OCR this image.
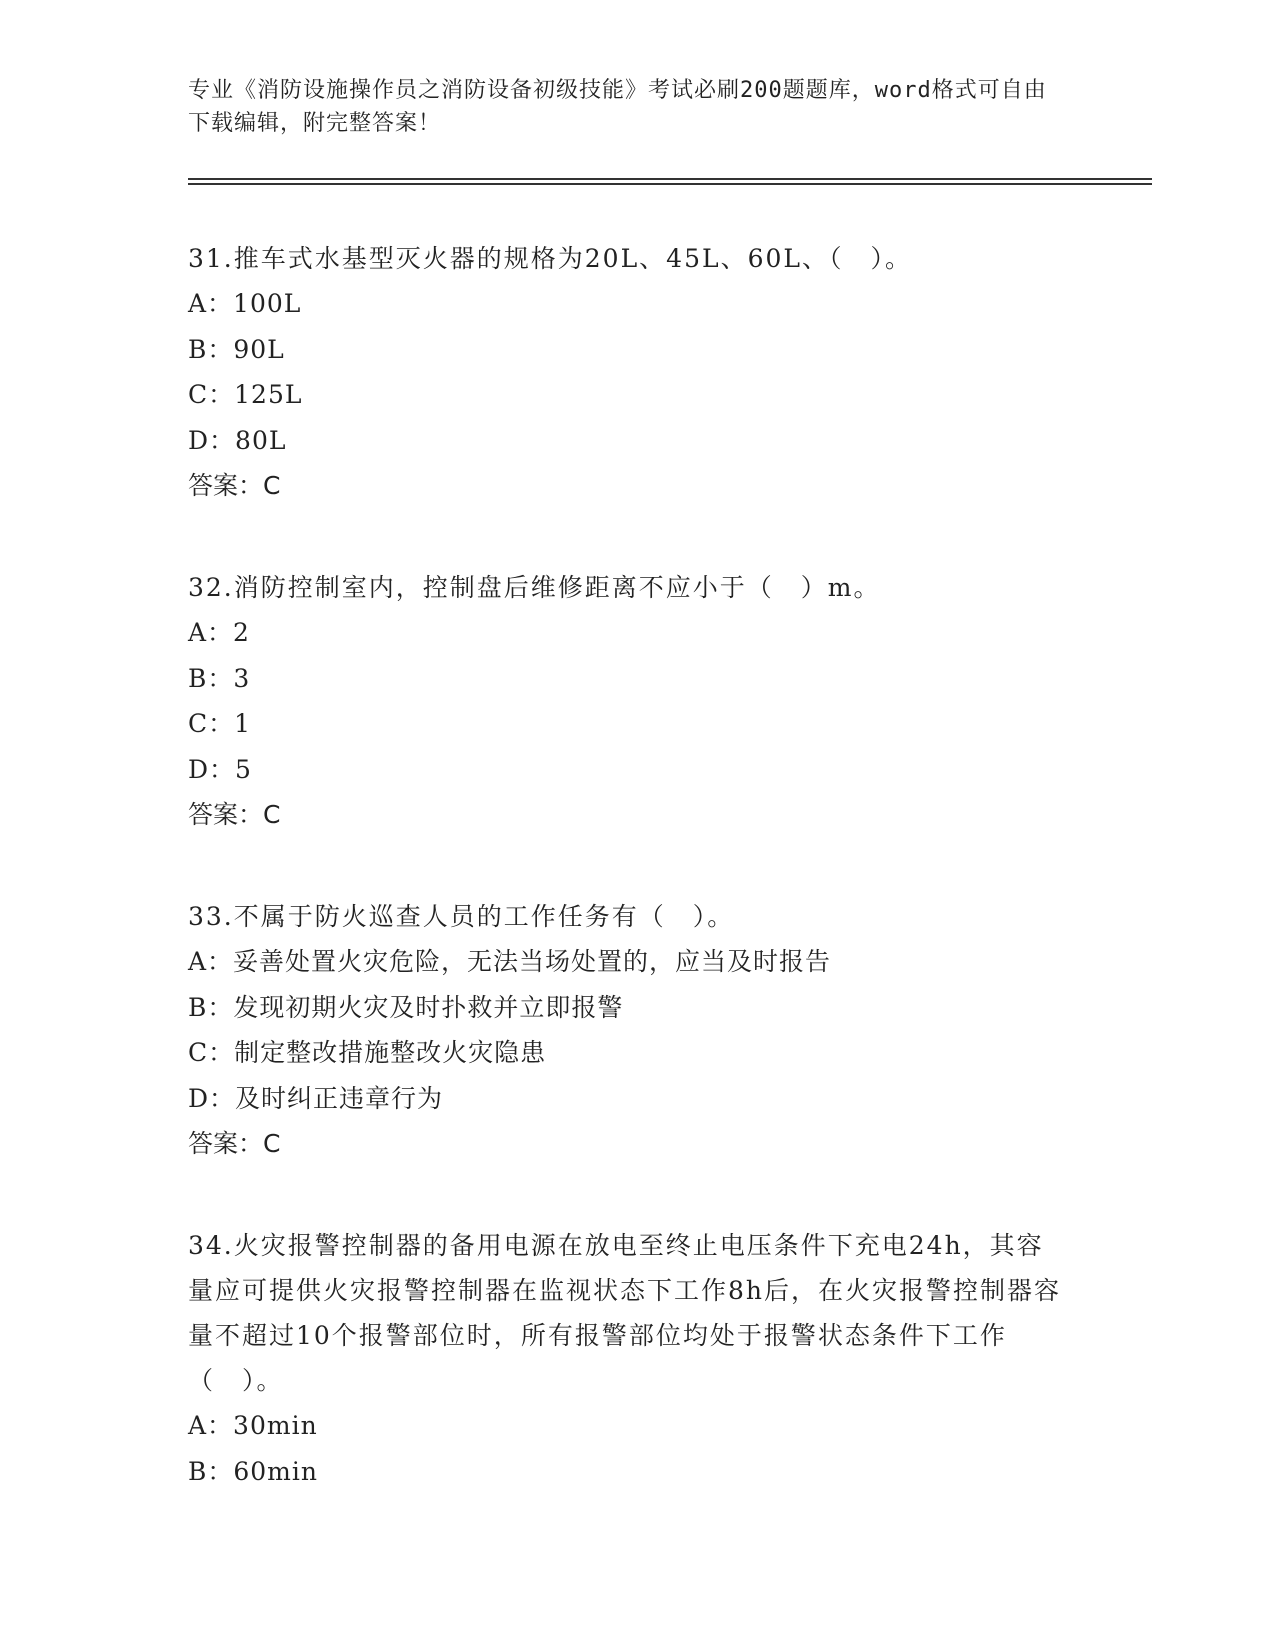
专业《消防设施操作员之消防设备初级技能》考试必刷200题题库，word格式可自由下载编辑，附完整答案！
31.推车式水基型灭火器的规格为20L、45L、60L、（　）。
A：100L
B：90L
C：125L
D：80L
答案：C
32.消防控制室内，控制盘后维修距离不应小于（　）m。
A：2
B：3
C：1
D：5
答案：C
33.不属于防火巡查人员的工作任务有（　）。
A：妥善处置火灾危险，无法当场处置的，应当及时报告
B：发现初期火灾及时扑救并立即报警
C：制定整改措施整改火灾隐患
D：及时纠正违章行为
答案：C
34.火灾报警控制器的备用电源在放电至终止电压条件下充电24h，其容量应可提供火灾报警控制器在监视状态下工作8h后，在火灾报警控制器容量不超过10个报警部位时，所有报警部位均处于报警状态条件下工作（　）。
A：30min
B：60min
